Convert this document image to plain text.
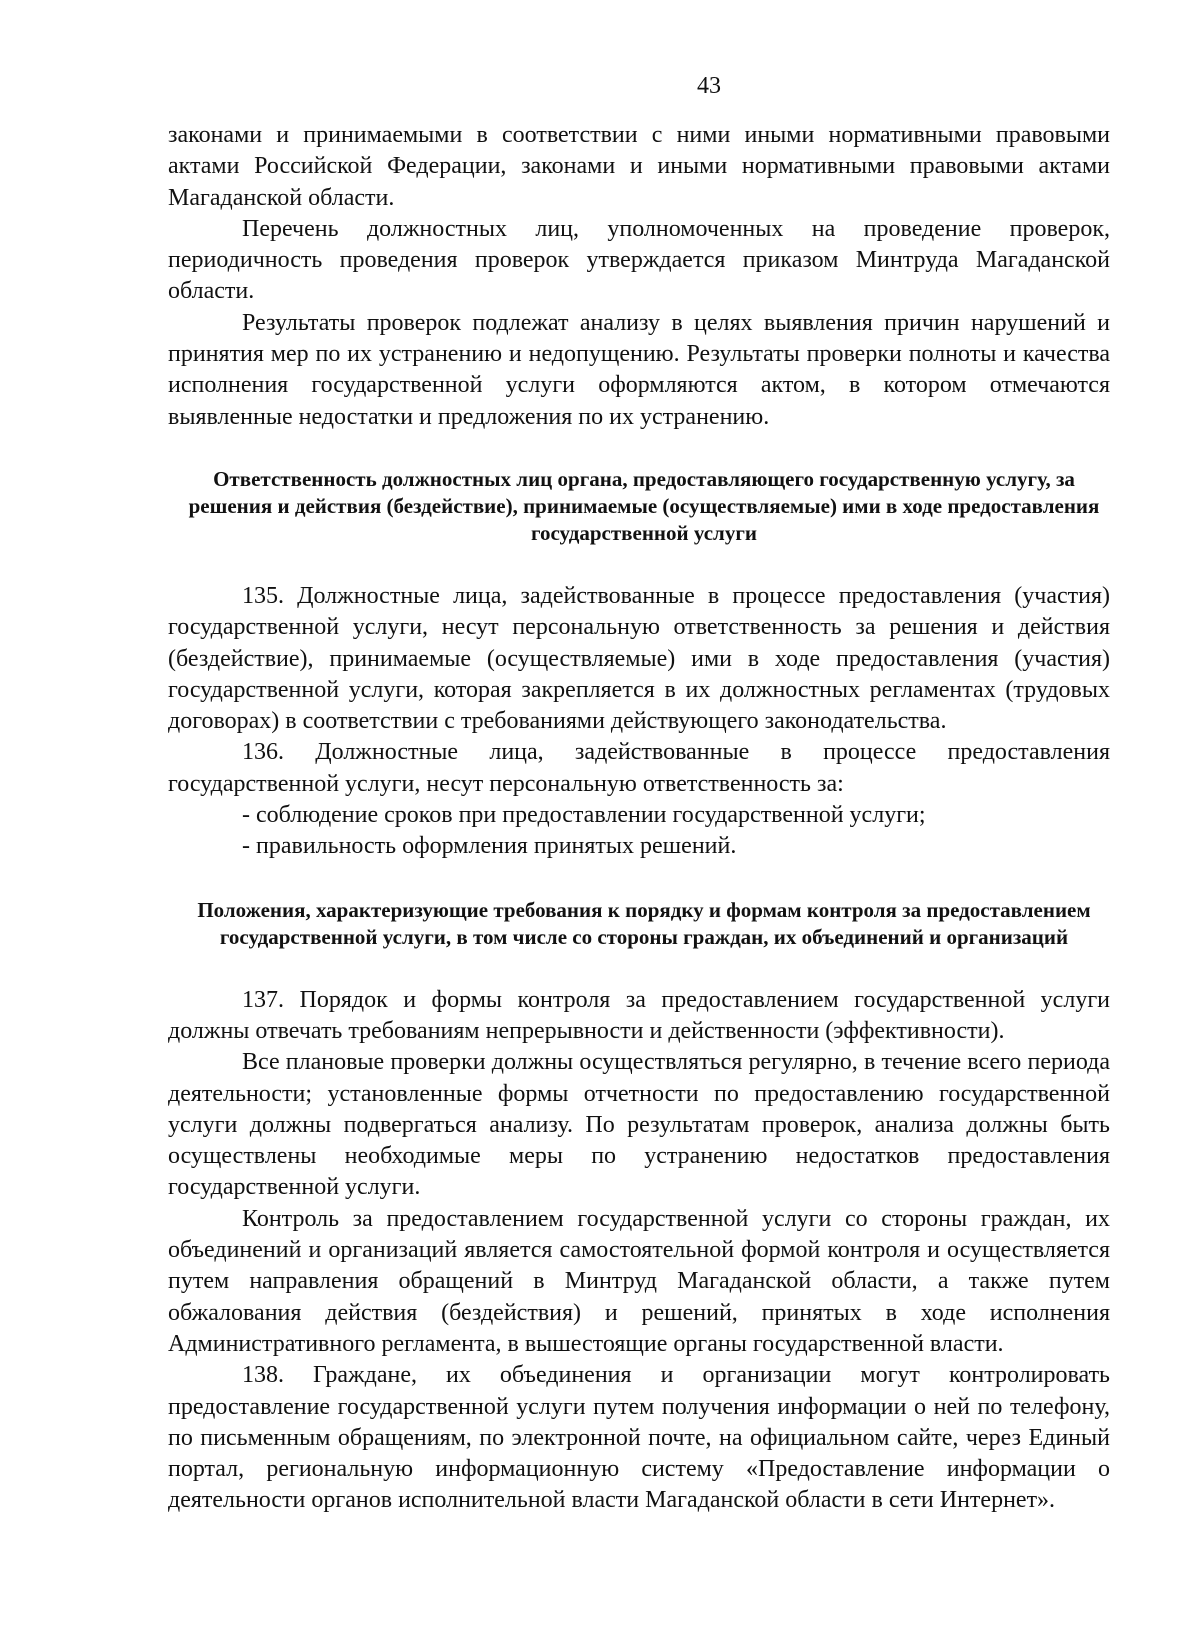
43

законами и принимаемыми в соответствии с ними иными нормативными правовыми актами Российской Федерации, законами и иными нормативными правовыми актами Магаданской области.

Перечень должностных лиц, уполномоченных на проведение проверок, периодичность проведения проверок утверждается приказом Минтруда Магаданской области.

Результаты проверок подлежат анализу в целях выявления причин нарушений и принятия мер по их устранению и недопущению. Результаты проверки полноты и качества исполнения государственной услуги оформляются актом, в котором отмечаются выявленные недостатки и предложения по их устранению.

Ответственность должностных лиц органа, предоставляющего государственную услугу, за решения и действия (бездействие), принимаемые (осуществляемые) ими в ходе предоставления государственной услуги

135. Должностные лица, задействованные в процессе предоставления (участия) государственной услуги, несут персональную ответственность за решения и действия (бездействие), принимаемые (осуществляемые) ими в ходе предоставления (участия) государственной услуги, которая закрепляется в их должностных регламентах (трудовых договорах) в соответствии с требованиями действующего законодательства.

136. Должностные лица, задействованные в процессе предоставления государственной услуги, несут персональную ответственность за:

- соблюдение сроков при предоставлении государственной услуги;

- правильность оформления принятых решений.

Положения, характеризующие требования к порядку и формам контроля за предоставлением государственной услуги, в том числе со стороны граждан, их объединений и организаций

137. Порядок и формы контроля за предоставлением государственной услуги должны отвечать требованиям непрерывности и действенности (эффективности).

Все плановые проверки должны осуществляться регулярно, в течение всего периода деятельности; установленные формы отчетности по предоставлению государственной услуги должны подвергаться анализу. По результатам проверок, анализа должны быть осуществлены необходимые меры по устранению недостатков предоставления государственной услуги.

Контроль за предоставлением государственной услуги со стороны граждан, их объединений и организаций является самостоятельной формой контроля и осуществляется путем направления обращений в Минтруд Магаданской области, а также путем обжалования действия (бездействия) и решений, принятых в ходе исполнения Административного регламента, в вышестоящие органы государственной власти.

138. Граждане, их объединения и организации могут контролировать предоставление государственной услуги путем получения информации о ней по телефону, по письменным обращениям, по электронной почте, на официальном сайте, через Единый портал, региональную информационную систему «Предоставление информации о деятельности органов исполнительной власти Магаданской области в сети Интернет».
